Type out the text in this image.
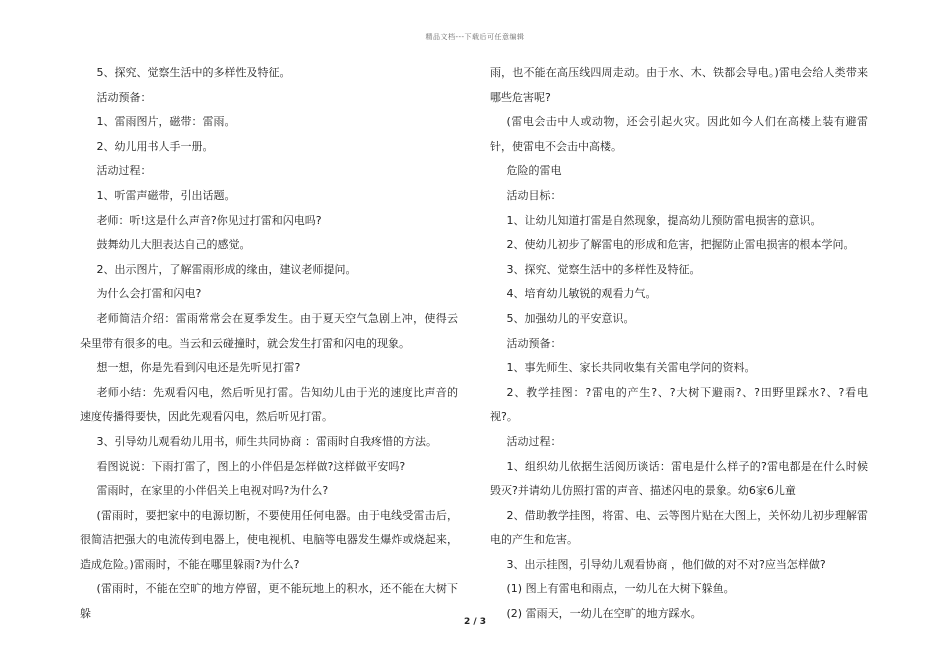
精品文档---下载后可任意编辑

5、探究、觉察生活中的多样性及特征。

活动预备：

1、雷雨图片，磁带：雷雨。

2、幼儿用书人手一册。

活动过程：

1、听雷声磁带，引出话题。

老师：听!这是什么声音?你见过打雷和闪电吗?

鼓舞幼儿大胆表达自己的感觉。

2、出示图片，了解雷雨形成的缘由，建议老师提问。

为什么会打雷和闪电?

老师简洁介绍：雷雨常常会在夏季发生。由于夏天空气急剧上冲，使得云朵里带有很多的电。当云和云碰撞时，就会发生打雷和闪电的现象。

想一想，你是先看到闪电还是先听见打雷?

老师小结：先观看闪电，然后听见打雷。告知幼儿由于光的速度比声音的速度传播得要快，因此先观看闪电，然后听见打雷。

3、引导幼儿观看幼儿用书，师生共同协商 ：雷雨时自我疼惜的方法。

看图说说：下雨打雷了，图上的小伴侣是怎样做?这样做平安吗?

雷雨时，在家里的小伴侣关上电视对吗?为什么?

(雷雨时，要把家中的电源切断，不要使用任何电器。由于电线受雷击后，很简洁把强大的电流传到电器上，使电视机、电脑等电器发生爆炸或烧起来，造成危险。)雷雨时，不能在哪里躲雨?为什么?

(雷雨时，不能在空旷的地方停留，更不能玩地上的积水，还不能在大树下躲

雨，也不能在高压线四周走动。由于水、木、铁都会导电。)雷电会给人类带来哪些危害呢?

(雷电会击中人或动物，还会引起火灾。因此如今人们在高楼上装有避雷针，使雷电不会击中高楼。

危险的雷电

活动目标：

1、让幼儿知道打雷是自然现象，提高幼儿预防雷电损害的意识。

2、使幼儿初步了解雷电的形成和危害，把握防止雷电损害的根本学问。

3、探究、觉察生活中的多样性及特征。

4、培育幼儿敏锐的观看力气。

5、加强幼儿的平安意识。

活动预备：

1、事先师生、家长共同收集有关雷电学问的资料。

2、教学挂图：?雷电的产生?、?大树下避雨?、?田野里踩水?、?看电视?。

活动过程：

1、组织幼儿依据生活阅历谈话：雷电是什么样子的?雷电都是在什么时候毁灭?并请幼儿仿照打雷的声音、描述闪电的景象。幼6家6儿童

2、借助教学挂图，将雷、电、云等图片贴在大图上，关怀幼儿初步理解雷电的产生和危害。

3、出示挂图，引导幼儿观看协商 ，他们做的对不对?应当怎样做?

(1) 图上有雷电和雨点，一幼儿在大树下躲鱼。

(2) 雷雨天，一幼儿在空旷的地方踩水。

2 / 3
